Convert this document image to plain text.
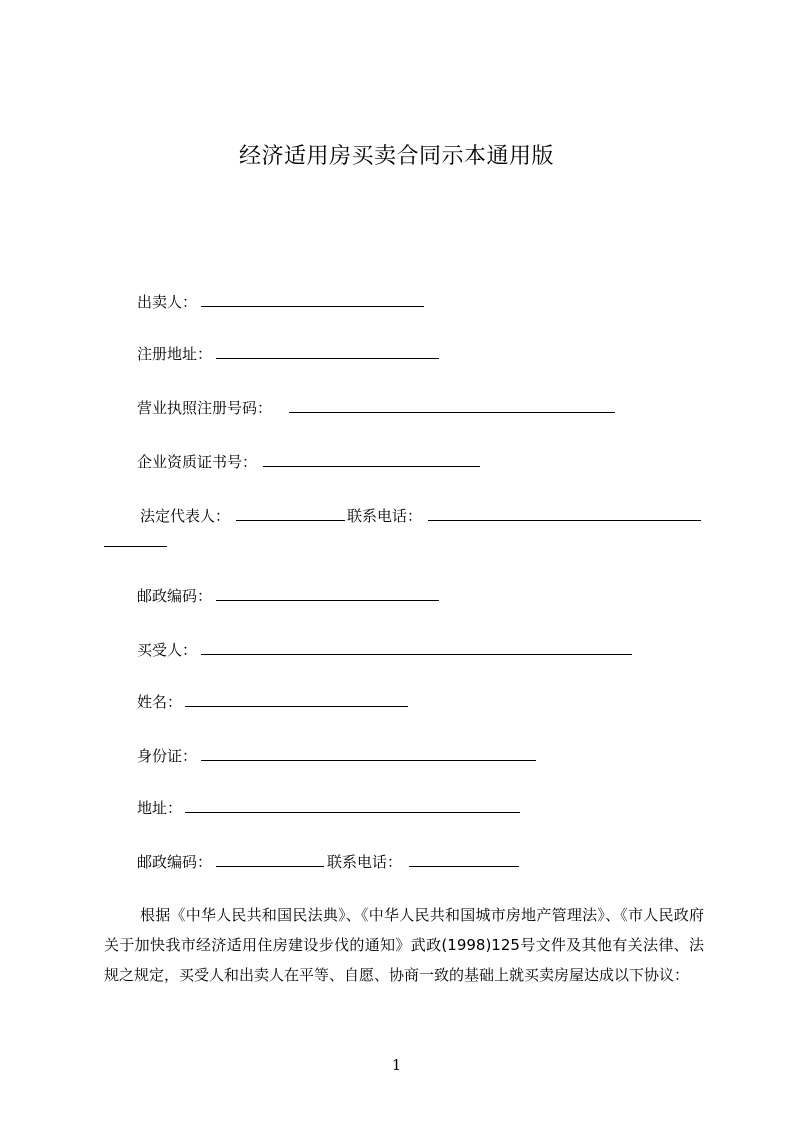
经济适用房买卖合同示本通用版
出卖人：
注册地址：
营业执照注册号码：
企业资质证书号：
法定代表人：	联系电话：
邮政编码：
买受人：
姓名：
身份证：
地址：
邮政编码：	联系电话：
根据《中华人民共和国民法典》、《中华人民共和国城市房地产管理法》、《市人民政府关于加快我市经济适用住房建设步伐的通知》武政(1998)125号文件及其他有关法律、法规之规定，买受人和出卖人在平等、自愿、协商一致的基础上就买卖房屋达成以下协议：
1
